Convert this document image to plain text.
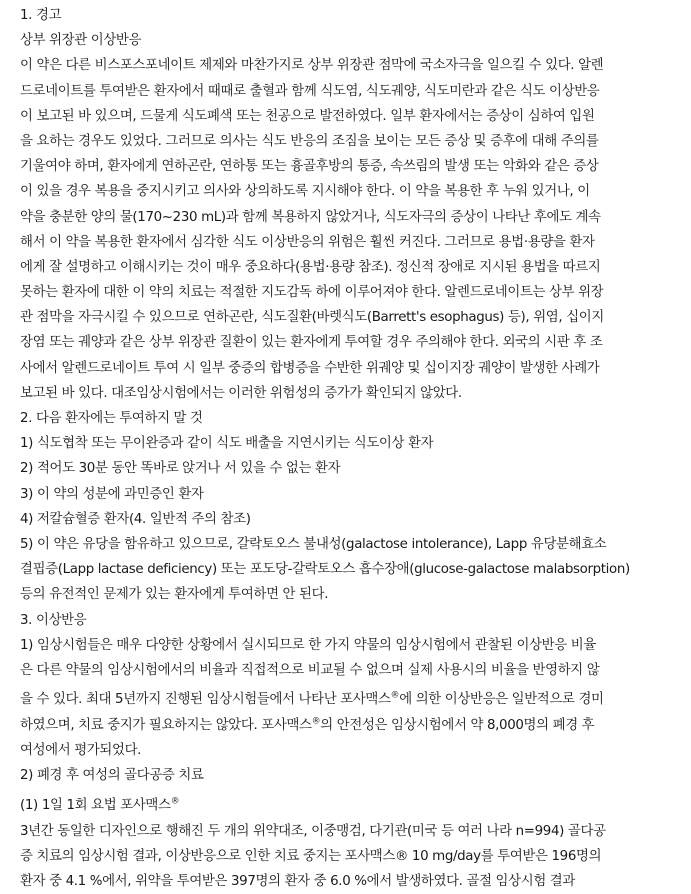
1. 경고
상부 위장관 이상반응
이 약은 다른 비스포스포네이트 제제와 마찬가지로 상부 위장관 점막에 국소자극을 일으킬 수 있다. 알렌
드로네이트를 투여받은 환자에서 때때로 출혈과 함께 식도염, 식도궤양, 식도미란과 같은 식도 이상반응
이 보고된 바 있으며, 드물게 식도폐색 또는 천공으로 발전하였다. 일부 환자에서는 증상이 심하여 입원
을 요하는 경우도 있었다. 그러므로 의사는 식도 반응의 조짐을 보이는 모든 증상 및 증후에 대해 주의를
기울여야 하며, 환자에게 연하곤란, 연하통 또는 흉골후방의 통증, 속쓰림의 발생 또는 악화와 같은 증상
이 있을 경우 복용을 중지시키고 의사와 상의하도록 지시해야 한다. 이 약을 복용한 후 누워 있거나, 이
약을 충분한 양의 물(170~230 mL)과 함께 복용하지 않았거나, 식도자극의 증상이 나타난 후에도 계속
해서 이 약을 복용한 환자에서 심각한 식도 이상반응의 위험은 훨씬 커진다. 그러므로 용법·용량을 환자
에게 잘 설명하고 이해시키는 것이 매우 중요하다(용법·용량 참조). 정신적 장애로 지시된 용법을 따르지
못하는 환자에 대한 이 약의 치료는 적절한 지도감독 하에 이루어져야 한다. 알렌드로네이트는 상부 위장
관 점막을 자극시킬 수 있으므로 연하곤란, 식도질환(바렛식도(Barrett's esophagus) 등), 위염, 십이지
장염 또는 궤양과 같은 상부 위장관 질환이 있는 환자에게 투여할 경우 주의해야 한다. 외국의 시판 후 조
사에서 알렌드로네이트 투여 시 일부 중증의 합병증을 수반한 위궤양 및 십이지장 궤양이 발생한 사례가
보고된 바 있다. 대조임상시험에서는 이러한 위험성의 증가가 확인되지 않았다.
2. 다음 환자에는 투여하지 말 것
1) 식도협착 또는 무이완증과 같이 식도 배출을 지연시키는 식도이상 환자
2) 적어도 30분 동안 똑바로 앉거나 서 있을 수 없는 환자
3) 이 약의 성분에 과민증인 환자
4) 저칼슘혈증 환자(4. 일반적 주의 참조)
5) 이 약은 유당을 함유하고 있으므로, 갈락토오스 불내성(galactose intolerance), Lapp 유당분해효소
결핍증(Lapp lactase deficiency) 또는 포도당-갈락토오스 흡수장애(glucose-galactose malabsorption)
등의 유전적인 문제가 있는 환자에게 투여하면 안 된다.
3. 이상반응
1) 임상시험들은 매우 다양한 상황에서 실시되므로 한 가지 약물의 임상시험에서 관찰된 이상반응 비율
은 다른 약물의 임상시험에서의 비율과 직접적으로 비교될 수 없으며 실제 사용시의 비율을 반영하지 않
을 수 있다. 최대 5년까지 진행된 임상시험들에서 나타난 포사맥스®에 의한 이상반응은 일반적으로 경미
하였으며, 치료 중지가 필요하지는 않았다. 포사맥스®의 안전성은 임상시험에서 약 8,000명의 폐경 후
여성에서 평가되었다.
2) 폐경 후 여성의 골다공증 치료
(1) 1일 1회 요법 포사맥스®
3년간 동일한 디자인으로 행해진 두 개의 위약대조, 이중맹검, 다기관(미국 등 여러 나라 n=994) 골다공
증 치료의 임상시험 결과, 이상반응으로 인한 치료 중지는 포사맥스® 10 mg/day를 투여받은 196명의
환자 중 4.1 %에서, 위약을 투여받은 397명의 환자 중 6.0 %에서 발생하였다. 골절 임상시험 결과
